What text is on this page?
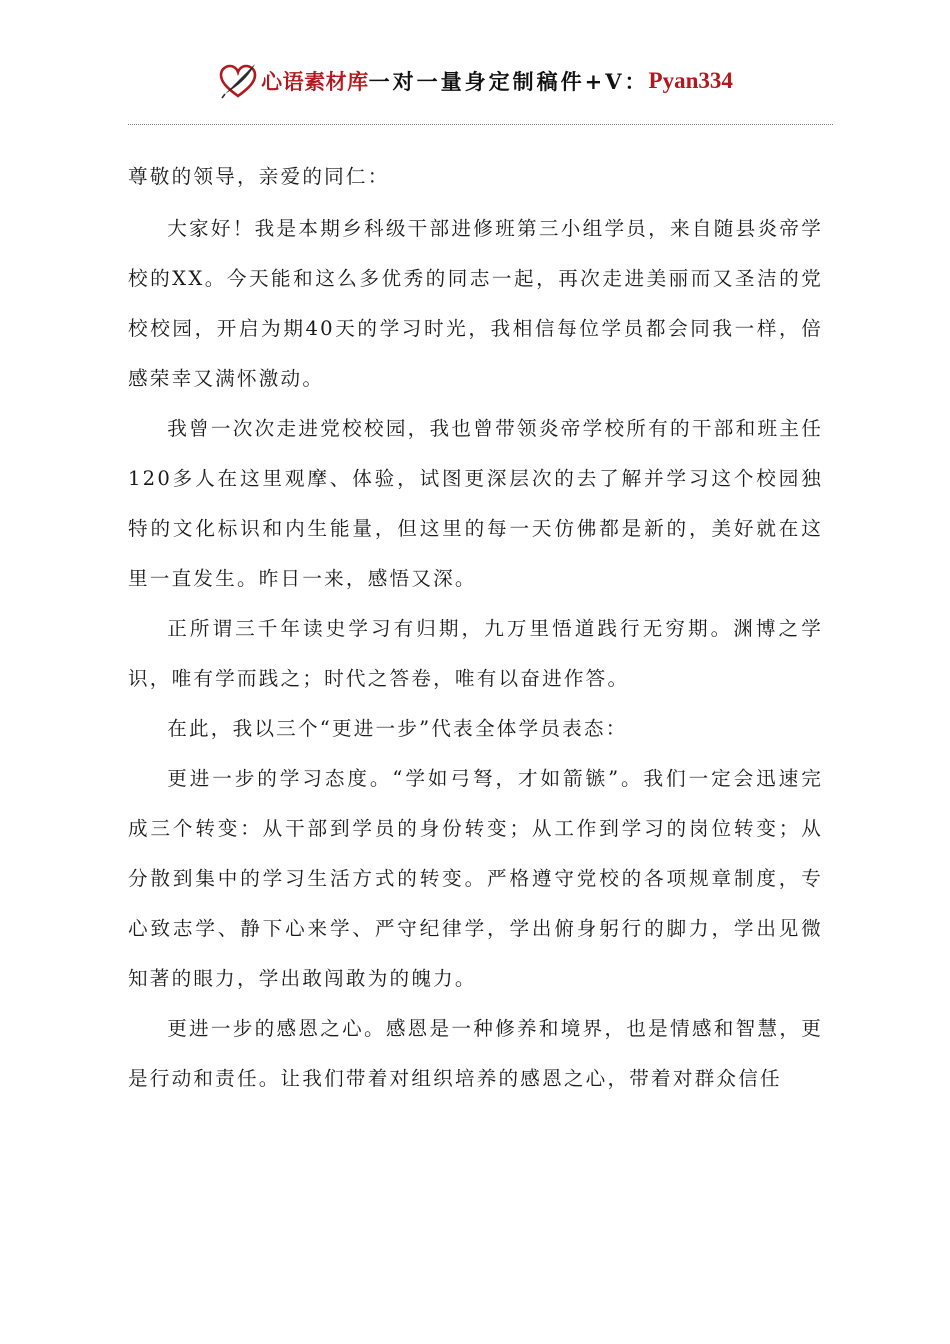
心语素材库 一对一量身定制稿件+V： Pyan334

尊敬的领导，亲爱的同仁：

大家好！我是本期乡科级干部进修班第三小组学员，来自随县炎帝学校的XX。今天能和这么多优秀的同志一起，再次走进美丽而又圣洁的党校校园，开启为期40天的学习时光，我相信每位学员都会同我一样，倍感荣幸又满怀激动。

我曾一次次走进党校校园，我也曾带领炎帝学校所有的干部和班主任120多人在这里观摩、体验，试图更深层次的去了解并学习这个校园独特的文化标识和内生能量，但这里的每一天仿佛都是新的，美好就在这里一直发生。昨日一来，感悟又深。

正所谓三千年读史学习有归期，九万里悟道践行无穷期。渊博之学识，唯有学而践之；时代之答卷，唯有以奋进作答。

在此，我以三个“更进一步”代表全体学员表态：

更进一步的学习态度。“学如弓弩，才如箭镞”。我们一定会迅速完成三个转变：从干部到学员的身份转变；从工作到学习的岗位转变；从分散到集中的学习生活方式的转变。严格遵守党校的各项规章制度，专心致志学、静下心来学、严守纪律学，学出俯身躬行的脚力，学出见微知著的眼力，学出敢闯敢为的魄力。

更进一步的感恩之心。感恩是一种修养和境界，也是情感和智慧，更是行动和责任。让我们带着对组织培养的感恩之心，带着对群众信任
